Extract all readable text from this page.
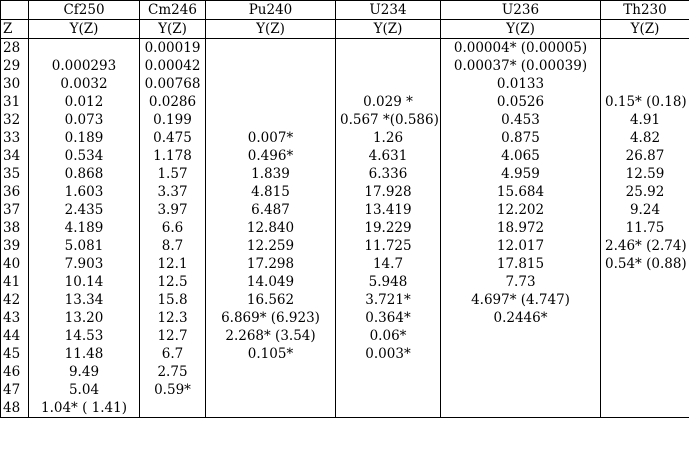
	Cf250	Cm246	Pu240	U234	U236	Th230
Z	Y(Z)	Y(Z)	Y(Z)	Y(Z)	Y(Z)	Y(Z)
28		0.00019			0.00004* (0.00005)	
29	0.000293	0.00042			0.00037* (0.00039)	
30	0.0032	0.00768			0.0133	
31	0.012	0.0286		0.029 *	0.0526	0.15* (0.18)
32	0.073	0.199		0.567 *(0.586)	0.453	4.91
33	0.189	0.475	0.007*	1.26	0.875	4.82
34	0.534	1.178	0.496*	4.631	4.065	26.87
35	0.868	1.57	1.839	6.336	4.959	12.59
36	1.603	3.37	4.815	17.928	15.684	25.92
37	2.435	3.97	6.487	13.419	12.202	9.24
38	4.189	6.6	12.840	19.229	18.972	11.75
39	5.081	8.7	12.259	11.725	12.017	2.46* (2.74)
40	7.903	12.1	17.298	14.7	17.815	0.54* (0.88)
41	10.14	12.5	14.049	5.948	7.73	
42	13.34	15.8	16.562	3.721*	4.697* (4.747)	
43	13.20	12.3	6.869* (6.923)	0.364*	0.2446*	
44	14.53	12.7	2.268* (3.54)	0.06*		
45	11.48	6.7	0.105*	0.003*		
46	9.49	2.75				
47	5.04	0.59*				
48	1.04* ( 1.41)					
